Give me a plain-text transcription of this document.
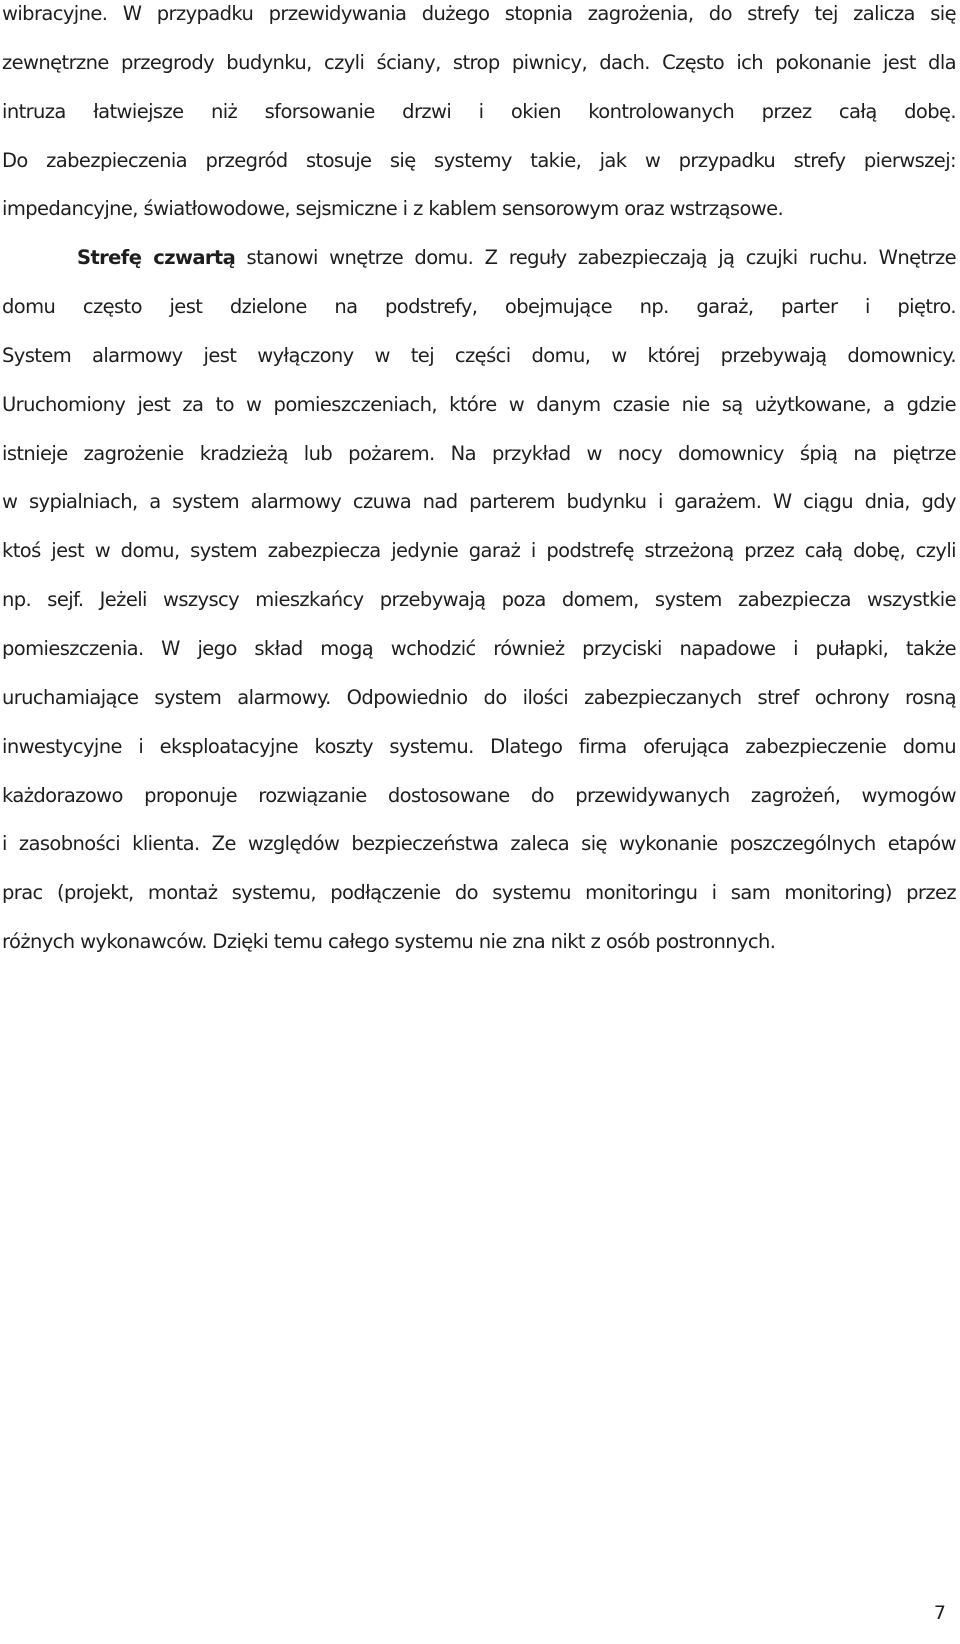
wibracyjne. W przypadku przewidywania dużego stopnia zagrożenia, do strefy tej zalicza się
zewnętrzne przegrody budynku, czyli ściany, strop piwnicy, dach. Często ich pokonanie jest dla
intruza łatwiejsze niż sforsowanie drzwi i okien kontrolowanych przez całą dobę.
Do zabezpieczenia przegród stosuje się systemy takie, jak w przypadku strefy pierwszej:
impedancyjne, światłowodowe, sejsmiczne i z kablem sensorowym oraz wstrząsowe.
Strefę czwartą stanowi wnętrze domu. Z reguły zabezpieczają ją czujki ruchu. Wnętrze
domu często jest dzielone na podstrefy, obejmujące np. garaż, parter i piętro.
System alarmowy jest wyłączony w tej części domu, w której przebywają domownicy.
Uruchomiony jest za to w pomieszczeniach, które w danym czasie nie są użytkowane, a gdzie
istnieje zagrożenie kradzieżą lub pożarem. Na przykład w nocy domownicy śpią na piętrze
w sypialniach, a system alarmowy czuwa nad parterem budynku i garażem. W ciągu dnia, gdy
ktoś jest w domu, system zabezpiecza jedynie garaż i podstrefę strzeżoną przez całą dobę, czyli
np. sejf. Jeżeli wszyscy mieszkańcy przebywają poza domem, system zabezpiecza wszystkie
pomieszczenia. W jego skład mogą wchodzić również przyciski napadowe i pułapki, także
uruchamiające system alarmowy. Odpowiednio do ilości zabezpieczanych stref ochrony rosną
inwestycyjne i eksploatacyjne koszty systemu. Dlatego firma oferująca zabezpieczenie domu
każdorazowo proponuje rozwiązanie dostosowane do przewidywanych zagrożeń, wymogów
i zasobności klienta. Ze względów bezpieczeństwa zaleca się wykonanie poszczególnych etapów
prac (projekt, montaż systemu, podłączenie do systemu monitoringu i sam monitoring) przez
różnych wykonawców. Dzięki temu całego systemu nie zna nikt z osób postronnych.
7
